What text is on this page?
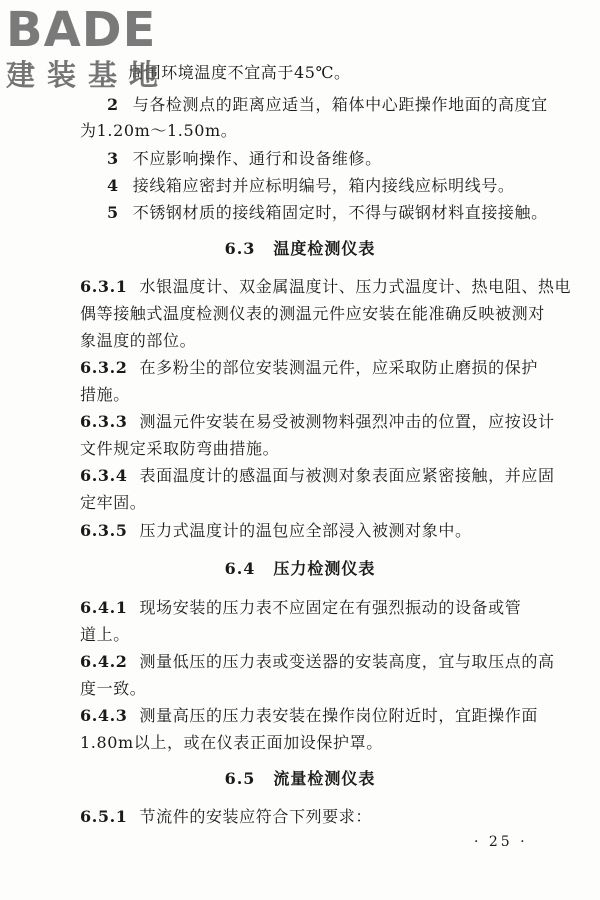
BADE
建装基地
周围环境温度不宜高于45℃。
2 与各检测点的距离应适当，箱体中心距操作地面的高度宜
为1.20m～1.50m。
3 不应影响操作、通行和设备维修。
4 接线箱应密封并应标明编号，箱内接线应标明线号。
5 不锈钢材质的接线箱固定时，不得与碳钢材料直接接触。
6.3 温度检测仪表
6.3.1 水银温度计、双金属温度计、压力式温度计、热电阻、热电
偶等接触式温度检测仪表的测温元件应安装在能准确反映被测对
象温度的部位。
6.3.2 在多粉尘的部位安装测温元件，应采取防止磨损的保护
措施。
6.3.3 测温元件安装在易受被测物料强烈冲击的位置，应按设计
文件规定采取防弯曲措施。
6.3.4 表面温度计的感温面与被测对象表面应紧密接触，并应固
定牢固。
6.3.5 压力式温度计的温包应全部浸入被测对象中。
6.4 压力检测仪表
6.4.1 现场安装的压力表不应固定在有强烈振动的设备或管
道上。
6.4.2 测量低压的压力表或变送器的安装高度，宜与取压点的高
度一致。
6.4.3 测量高压的压力表安装在操作岗位附近时，宜距操作面
1.80m以上，或在仪表正面加设保护罩。
6.5 流量检测仪表
6.5.1 节流件的安装应符合下列要求：
· 25 ·
